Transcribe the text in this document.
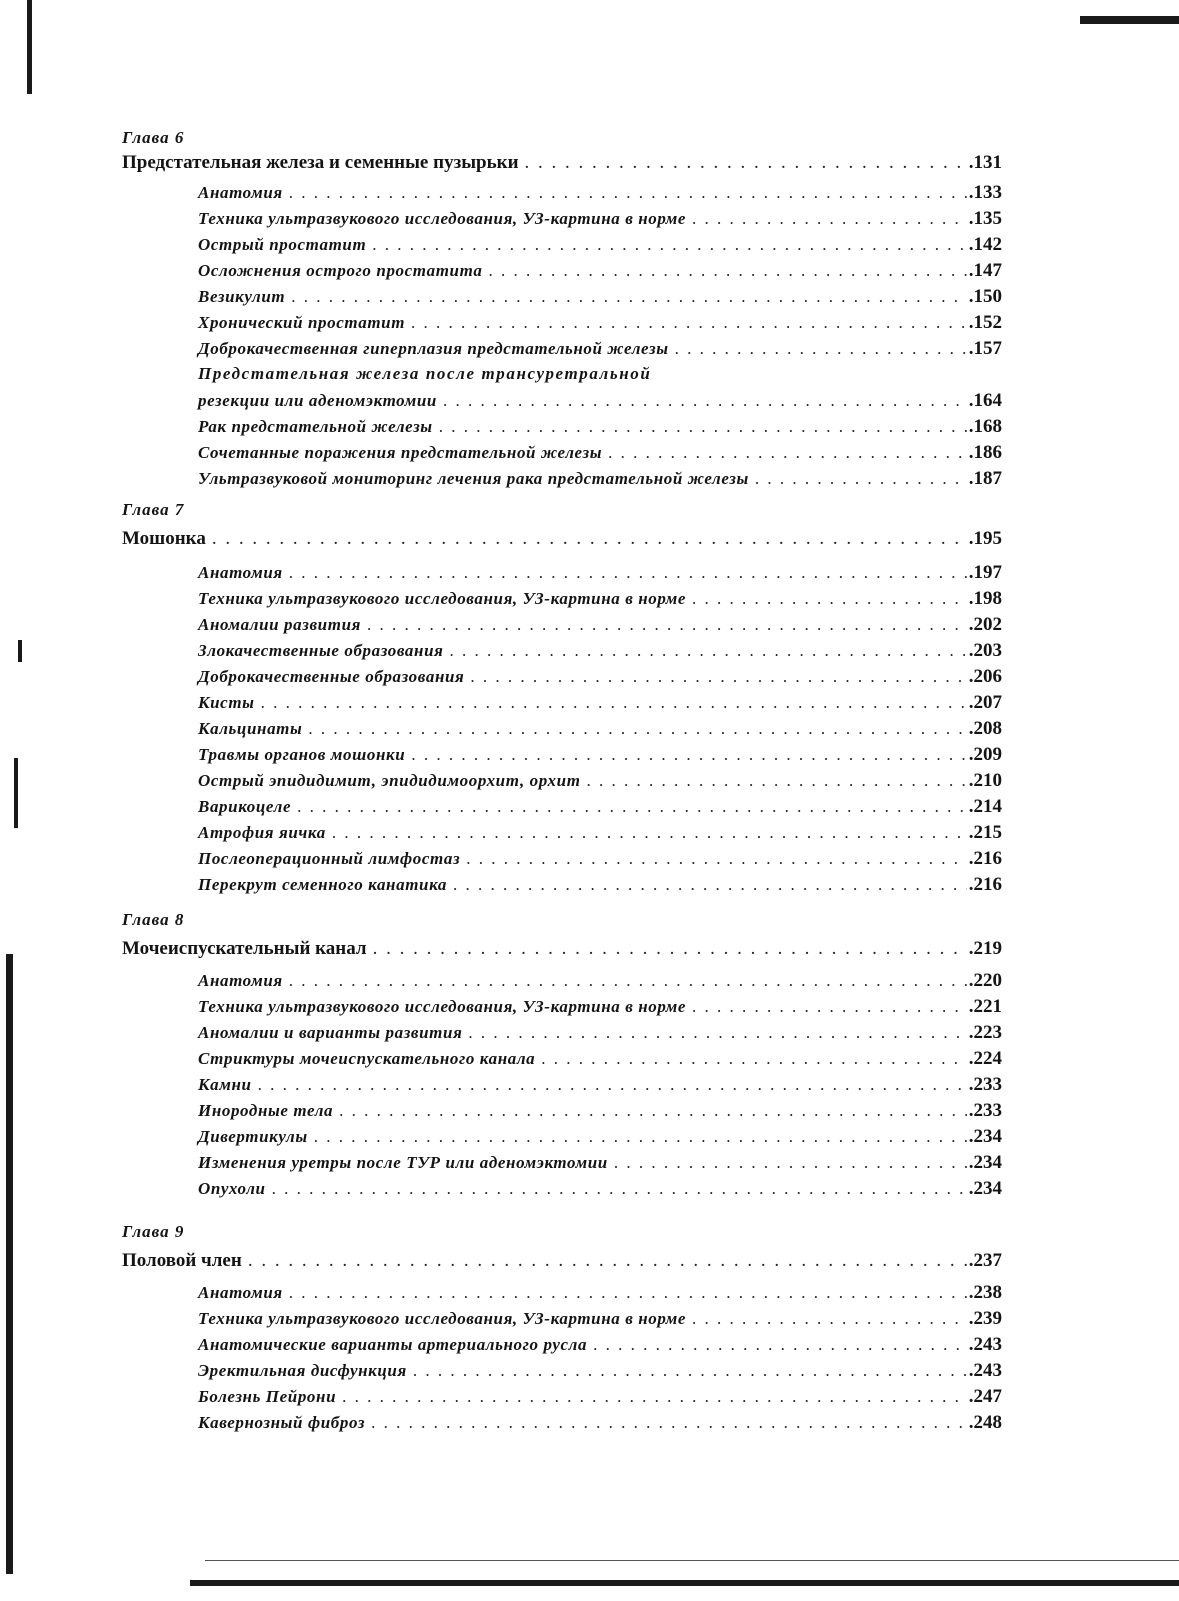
Глава 6
Предстательная железа и семенные пузырьки . . .	. 131
Анатомия . . .	. 133
Техника ультразвукового исследования, УЗ-картина в норме . . .	. 135
Острый простатит . . .	. 142
Осложнения острого простатита . . .	. 147
Везикулит . . .	. 150
Хронический простатит . . .	. 152
Доброкачественная гиперплазия предстательной железы . . .	. 157
Предстательная железа после трансуретральной
резекции или аденомэктомии . . .	. 164
Рак предстательной железы . . .	. 168
Сочетанные поражения предстательной железы . . .	. 186
Ультразвуковой мониторинг лечения рака предстательной железы . . .	. 187
Глава 7
Мошонка . . .	. 195
Анатомия . . .	. 197
Техника ультразвукового исследования, УЗ-картина в норме . . .	. 198
Аномалии развития . . .	. 202
Злокачественные образования . . .	. 203
Доброкачественные образования . . .	. 206
Кисты . . .	. 207
Кальцинаты . . .	. 208
Травмы органов мошонки . . .	. 209
Острый эпидидимит, эпидидимоорхит, орхит . . .	. 210
Варикоцеле . . .	. 214
Атрофия яичка . . .	. 215
Послеоперационный лимфостаз . . .	. 216
Перекрут семенного канатика . . .	. 216
Глава 8
Мочеиспускательный канал . . .	. 219
Анатомия . . .	. 220
Техника ультразвукового исследования, УЗ-картина в норме . . .	. 221
Аномалии и варианты развития . . .	. 223
Стриктуры мочеиспускательного канала . . .	. 224
Камни . . .	. 233
Инородные тела . . .	. 233
Дивертикулы . . .	. 234
Изменения уретры после ТУР или аденомэктомии . . .	. 234
Опухоли . . .	. 234
Глава 9
Половой член . . .	. 237
Анатомия . . .	. 238
Техника ультразвукового исследования, УЗ-картина в норме . . .	. 239
Анатомические варианты артериального русла . . .	. 243
Эректильная дисфункция . . .	. 243
Болезнь Пейрони . . .	. 247
Кавернозный фиброз . . .	. 248
